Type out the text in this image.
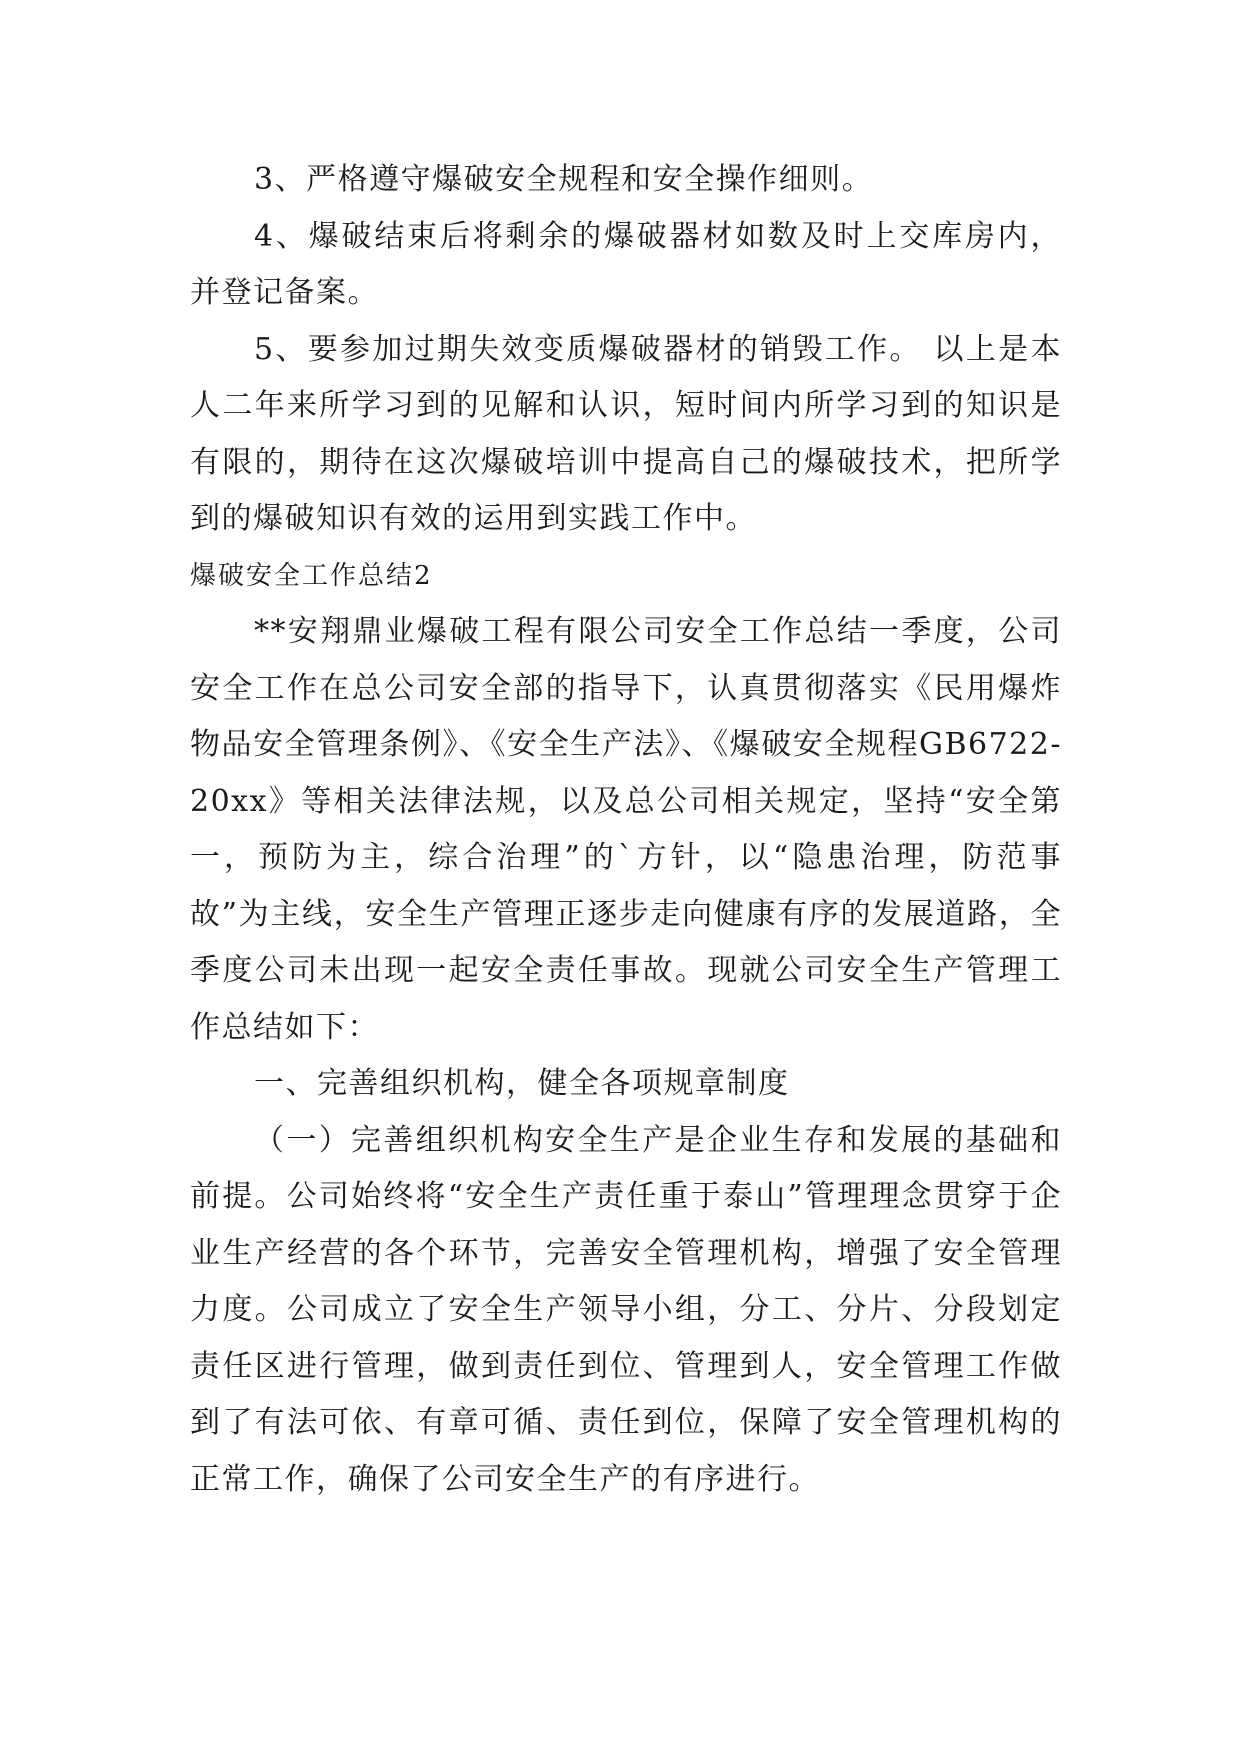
3、严格遵守爆破安全规程和安全操作细则。

4、爆破结束后将剩余的爆破器材如数及时上交库房内，并登记备案。

5、要参加过期失效变质爆破器材的销毁工作。 以上是本人二年来所学习到的见解和认识，短时间内所学习到的知识是有限的，期待在这次爆破培训中提高自己的爆破技术，把所学到的爆破知识有效的运用到实践工作中。

爆破安全工作总结2

**安翔鼎业爆破工程有限公司安全工作总结一季度，公司安全工作在总公司安全部的指导下，认真贯彻落实《民用爆炸物品安全管理条例》、《安全生产法》、《爆破安全规程GB6722-20xx》等相关法律法规，以及总公司相关规定，坚持“安全第一，预防为主，综合治理”的`方针，以“隐患治理，防范事故”为主线，安全生产管理正逐步走向健康有序的发展道路，全季度公司未出现一起安全责任事故。现就公司安全生产管理工作总结如下：

一、完善组织机构，健全各项规章制度

（一）完善组织机构安全生产是企业生存和发展的基础和前提。公司始终将“安全生产责任重于泰山”管理理念贯穿于企业生产经营的各个环节，完善安全管理机构，增强了安全管理力度。公司成立了安全生产领导小组，分工、分片、分段划定责任区进行管理，做到责任到位、管理到人，安全管理工作做到了有法可依、有章可循、责任到位，保障了安全管理机构的正常工作，确保了公司安全生产的有序进行。
